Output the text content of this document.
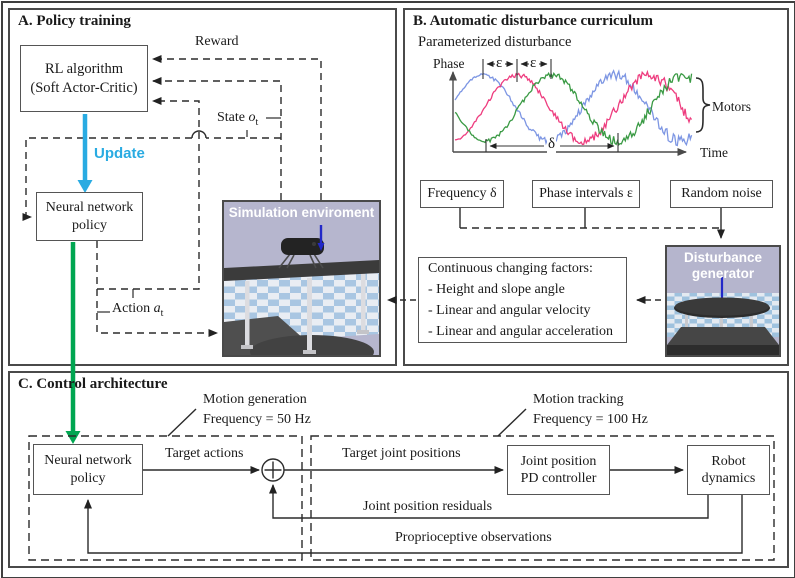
A. Policy training
RL algorithm
(Soft Actor-Critic)
Reward
State $o_t$
Update
Neural network
policy
Action $a_t$
Simulation enviroment
B. Automatic disturbance curriculum
Parameterized disturbance
Phase
Time
Motors
ε ε
δ
Frequency δ	Phase intervals ε	Random noise
Continuous changing factors:
- Height and slope angle
- Linear and angular velocity
- Linear and angular acceleration
Disturbance
generator
C. Control architecture
Motion generation
Frequency = 50 Hz
Motion tracking
Frequency = 100 Hz
Neural network
policy
Target actions	Target joint positions	Joint position
PD controller
Robot
dynamics
Joint position residuals
Proprioceptive observations
